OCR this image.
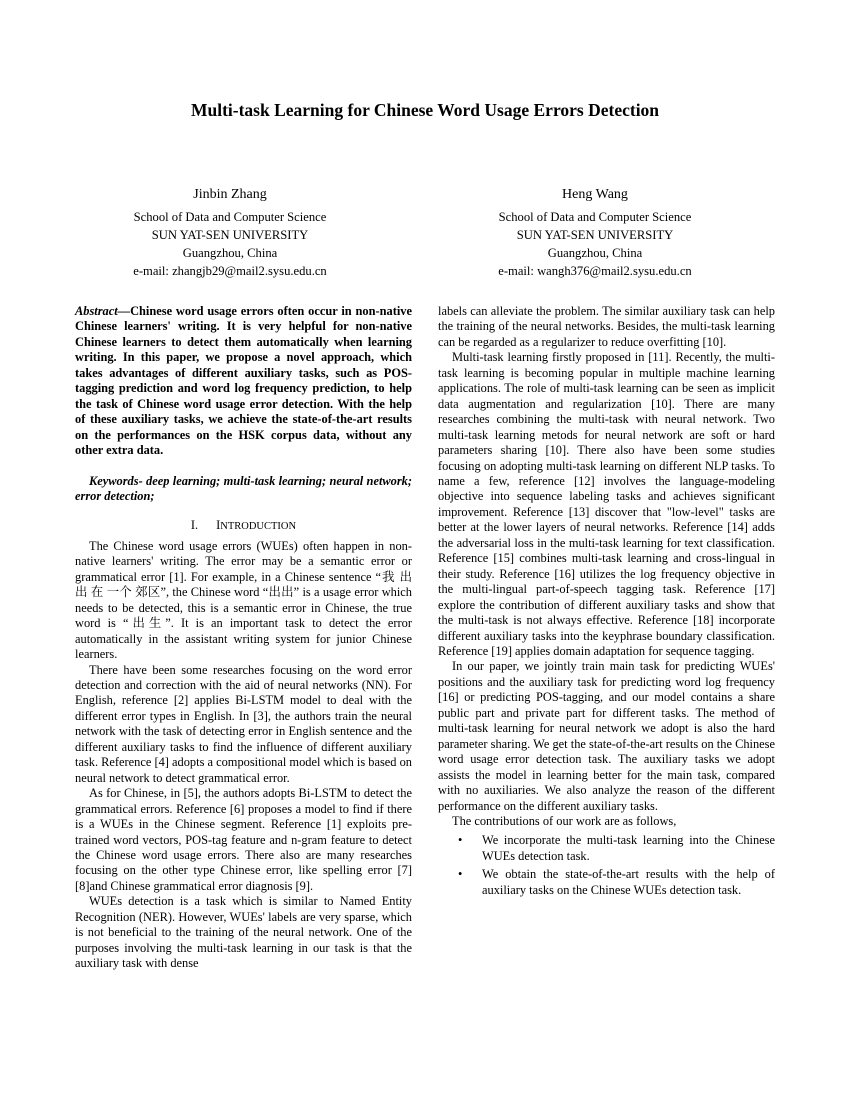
Multi-task Learning for Chinese Word Usage Errors Detection
Jinbin Zhang
School of Data and Computer Science
SUN YAT-SEN UNIVERSITY
Guangzhou, China
e-mail: zhangjb29@mail2.sysu.edu.cn
Heng Wang
School of Data and Computer Science
SUN YAT-SEN UNIVERSITY
Guangzhou, China
e-mail: wangh376@mail2.sysu.edu.cn

Abstract—Chinese word usage errors often occur in non-native Chinese learners' writing. It is very helpful for non-native Chinese learners to detect them automatically when learning writing. In this paper, we propose a novel approach, which takes advantages of different auxiliary tasks, such as POS-tagging prediction and word log frequency prediction, to help the task of Chinese word usage error detection. With the help of these auxiliary tasks, we achieve the state-of-the-art results on the performances on the HSK corpus data, without any other extra data.

Keywords- deep learning; multi-task learning; neural network; error detection;

I. INTRODUCTION

The Chinese word usage errors (WUEs) often happen in non-native learners' writing. The error may be a semantic error or grammatical error [1]. For example, in a Chinese sentence “我 出出 在 一个 郊区”, the Chinese word “出出” is a usage error which needs to be detected, this is a semantic error in Chinese, the true word is “出生”. It is an important task to detect the error automatically in the assistant writing system for junior Chinese learners.

There have been some researches focusing on the word error detection and correction with the aid of neural networks (NN). For English, reference [2] applies Bi-LSTM model to deal with the different error types in English. In [3], the authors train the neural network with the task of detecting error in English sentence and the different auxiliary tasks to find the influence of different auxiliary task. Reference [4] adopts a compositional model which is based on neural network to detect grammatical error.

As for Chinese, in [5], the authors adopts Bi-LSTM to detect the grammatical errors. Reference [6] proposes a model to find if there is a WUEs in the Chinese segment. Reference [1] exploits pre-trained word vectors, POS-tag feature and n-gram feature to detect the Chinese word usage errors. There also are many researches focusing on the other type Chinese error, like spelling error [7] [8]and Chinese grammatical error diagnosis [9].

WUEs detection is a task which is similar to Named Entity Recognition (NER). However, WUEs' labels are very sparse, which is not beneficial to the training of the neural network. One of the purposes involving the multi-task learning in our task is that the auxiliary task with dense

labels can alleviate the problem. The similar auxiliary task can help the training of the neural networks. Besides, the multi-task learning can be regarded as a regularizer to reduce overfitting [10].

Multi-task learning firstly proposed in [11]. Recently, the multi-task learning is becoming popular in multiple machine learning applications. The role of multi-task learning can be seen as implicit data augmentation and regularization [10]. There are many researches combining the multi-task with neural network. Two multi-task learning metods for neural network are soft or hard parameters sharing [10]. There also have been some studies focusing on adopting multi-task learning on different NLP tasks. To name a few, reference [12] involves the language-modeling objective into sequence labeling tasks and achieves significant improvement. Reference [13] discover that "low-level" tasks are better at the lower layers of neural networks. Reference [14] adds the adversarial loss in the multi-task learning for text classification. Reference [15] combines multi-task learning and cross-lingual in their study. Reference [16] utilizes the log frequency objective in the multi-lingual part-of-speech tagging task. Reference [17] explore the contribution of different auxiliary tasks and show that the multi-task is not always effective. Reference [18] incorporate different auxiliary tasks into the keyphrase boundary classification. Reference [19] applies domain adaptation for sequence tagging.

In our paper, we jointly train main task for predicting WUEs' positions and the auxiliary task for predicting word log frequency [16] or predicting POS-tagging, and our model contains a share public part and private part for different tasks. The method of multi-task learning for neural network we adopt is also the hard parameter sharing. We get the state-of-the-art results on the Chinese word usage error detection task. The auxiliary tasks we adopt assists the model in learning better for the main task, compared with no auxiliaries. We also analyze the reason of the different performance on the different auxiliary tasks.

The contributions of our work are as follows,

• We incorporate the multi-task learning into the Chinese WUEs detection task.
• We obtain the state-of-the-art results with the help of auxiliary tasks on the Chinese WUEs detection task.
